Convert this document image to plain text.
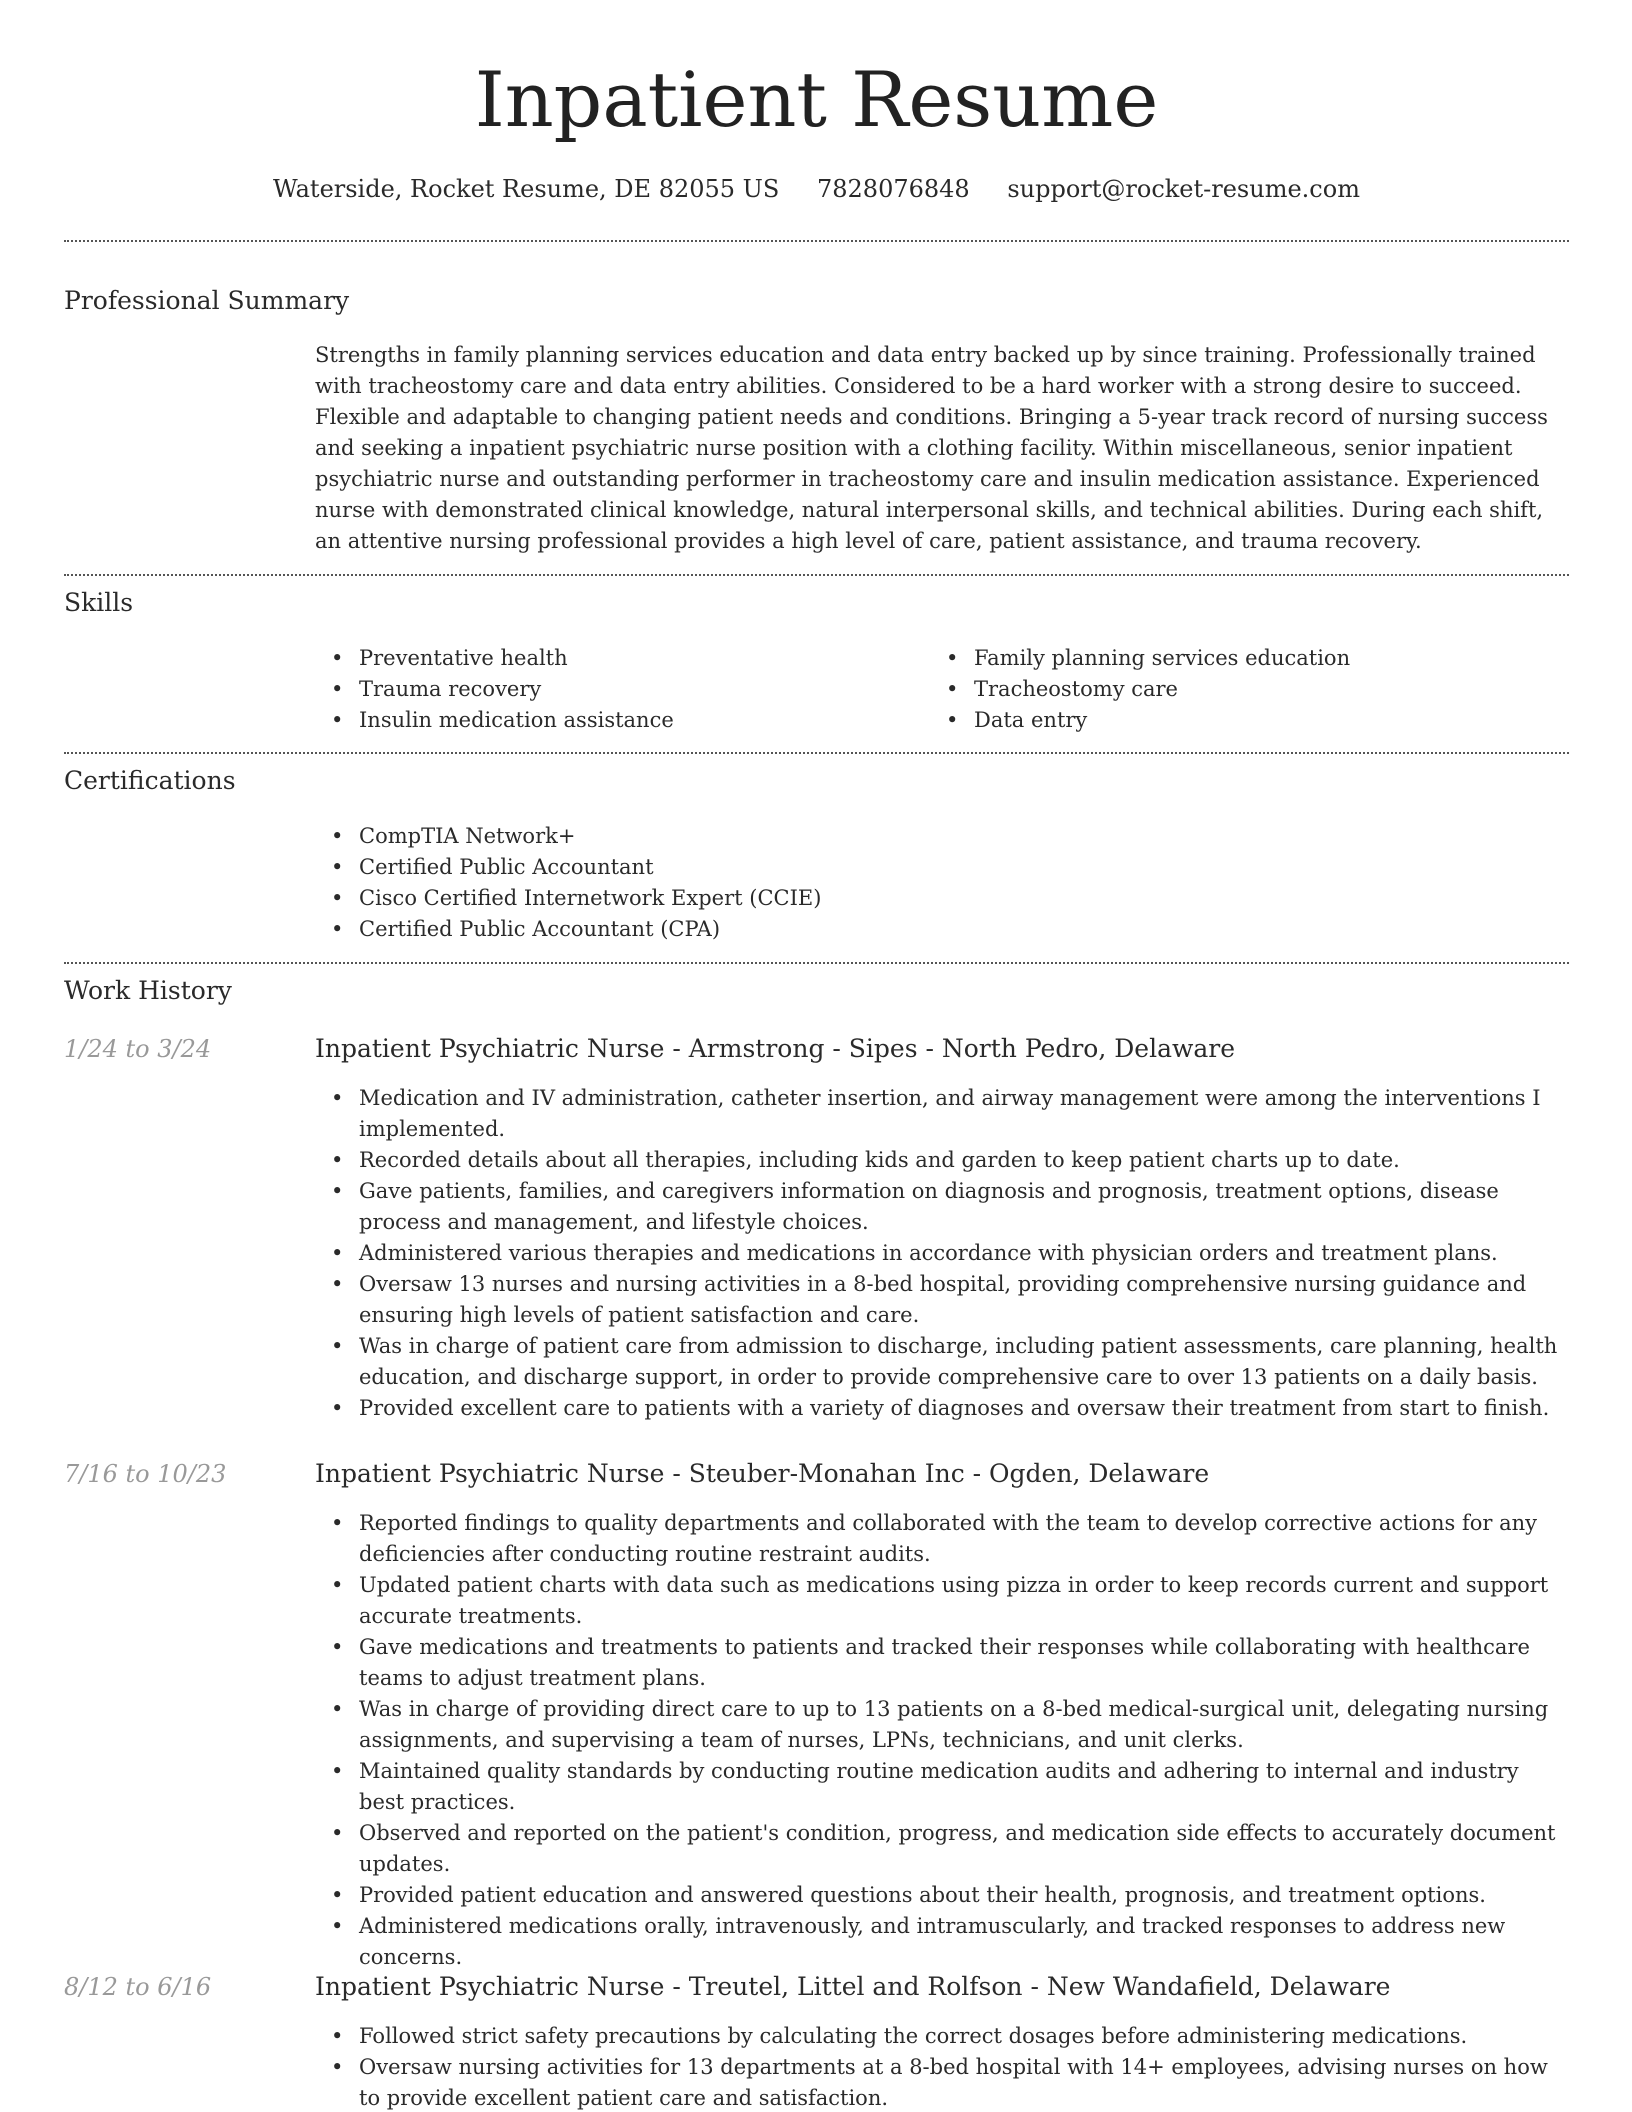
Inpatient Resume
Waterside, Rocket Resume, DE 82055 US 7828076848 support@rocket-resume.com
Professional Summary

Strengths in family planning services education and data entry backed up by since training. Professionally trained with tracheostomy care and data entry abilities. Considered to be a hard worker with a strong desire to succeed. Flexible and adaptable to changing patient needs and conditions. Bringing a 5-year track record of nursing success and seeking a inpatient psychiatric nurse position with a clothing facility. Within miscellaneous, senior inpatient psychiatric nurse and outstanding performer in tracheostomy care and insulin medication assistance. Experienced nurse with demonstrated clinical knowledge, natural interpersonal skills, and technical abilities. During each shift, an attentive nursing professional provides a high level of care, patient assistance, and trauma recovery.

Skills
• Preventative health
• Trauma recovery
• Insulin medication assistance
• Family planning services education
• Tracheostomy care
• Data entry
Certifications
• CompTIA Network+
• Certified Public Accountant
• Cisco Certified Internetwork Expert (CCIE)
• Certified Public Accountant (CPA)
Work History
1/24 to 3/24	Inpatient Psychiatric Nurse - Armstrong - Sipes - North Pedro, Delaware
• Medication and IV administration, catheter insertion, and airway management were among the interventions I implemented.
• Recorded details about all therapies, including kids and garden to keep patient charts up to date.
• Gave patients, families, and caregivers information on diagnosis and prognosis, treatment options, disease process and management, and lifestyle choices.
• Administered various therapies and medications in accordance with physician orders and treatment plans.
• Oversaw 13 nurses and nursing activities in a 8-bed hospital, providing comprehensive nursing guidance and ensuring high levels of patient satisfaction and care.
• Was in charge of patient care from admission to discharge, including patient assessments, care planning, health education, and discharge support, in order to provide comprehensive care to over 13 patients on a daily basis.
• Provided excellent care to patients with a variety of diagnoses and oversaw their treatment from start to finish.
7/16 to 10/23	Inpatient Psychiatric Nurse - Steuber-Monahan Inc - Ogden, Delaware
• Reported findings to quality departments and collaborated with the team to develop corrective actions for any deficiencies after conducting routine restraint audits.
• Updated patient charts with data such as medications using pizza in order to keep records current and support accurate treatments.
• Gave medications and treatments to patients and tracked their responses while collaborating with healthcare teams to adjust treatment plans.
• Was in charge of providing direct care to up to 13 patients on a 8-bed medical-surgical unit, delegating nursing assignments, and supervising a team of nurses, LPNs, technicians, and unit clerks.
• Maintained quality standards by conducting routine medication audits and adhering to internal and industry best practices.
• Observed and reported on the patient's condition, progress, and medication side effects to accurately document updates.
• Provided patient education and answered questions about their health, prognosis, and treatment options.
• Administered medications orally, intravenously, and intramuscularly, and tracked responses to address new concerns.
8/12 to 6/16	Inpatient Psychiatric Nurse - Treutel, Littel and Rolfson - New Wandafield, Delaware
• Followed strict safety precautions by calculating the correct dosages before administering medications.
• Oversaw nursing activities for 13 departments at a 8-bed hospital with 14+ employees, advising nurses on how to provide excellent patient care and satisfaction.
